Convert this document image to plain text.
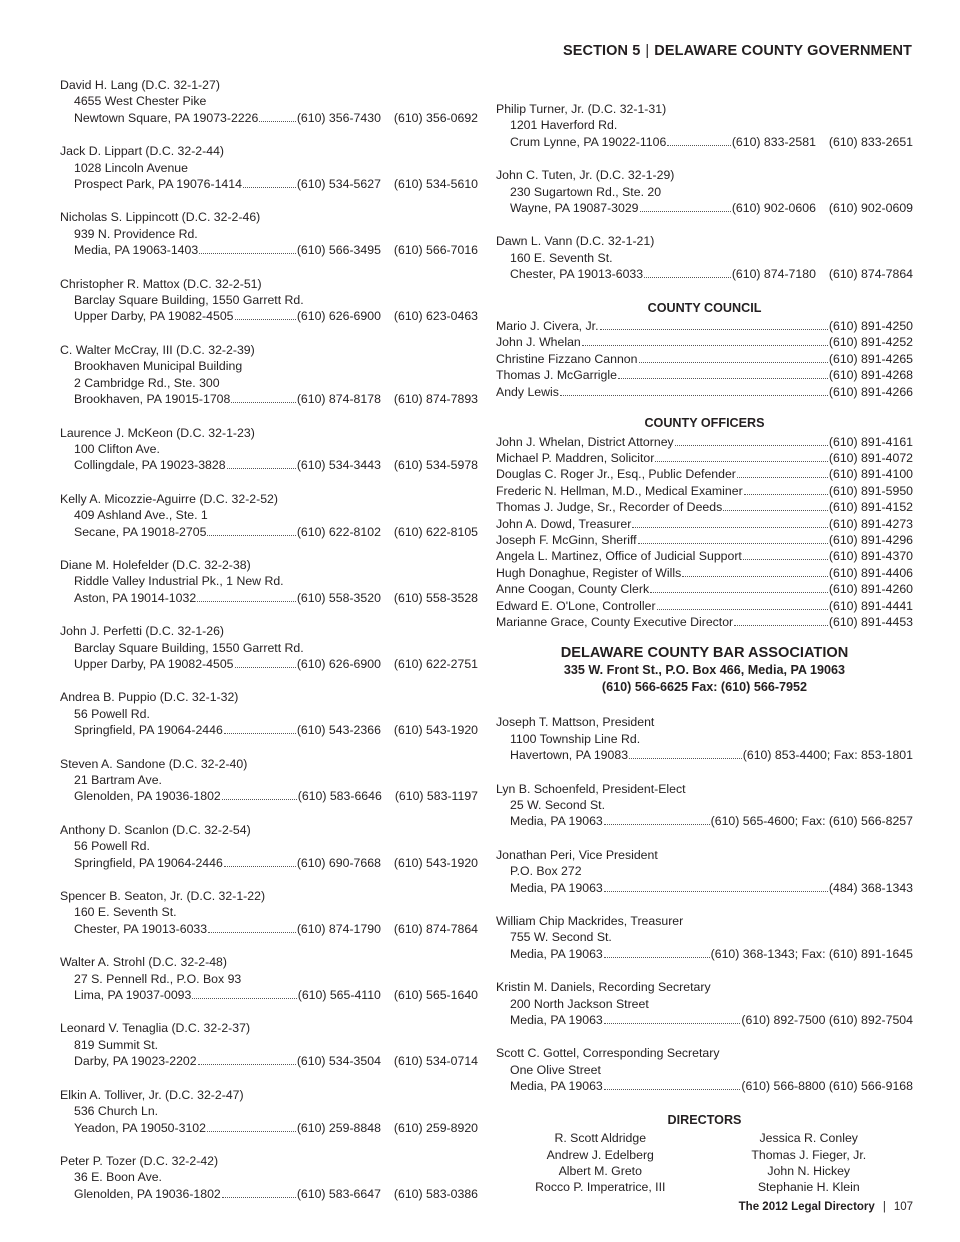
SECTION 5 | DELAWARE COUNTY GOVERNMENT
David H. Lang (D.C. 32-1-27)
4655 West Chester Pike
Newtown Square, PA 19073-2226	(610) 356-7430 (610) 356-0692
Jack D. Lippart (D.C. 32-2-44)
1028 Lincoln Avenue
Prospect Park, PA 19076-1414	(610) 534-5627 (610) 534-5610
Nicholas S. Lippincott (D.C. 32-2-46)
939 N. Providence Rd.
Media, PA 19063-1403	(610) 566-3495 (610) 566-7016
Christopher R. Mattox (D.C. 32-2-51)
Barclay Square Building, 1550 Garrett Rd.
Upper Darby, PA 19082-4505	(610) 626-6900 (610) 623-0463
C. Walter McCray, III (D.C. 32-2-39)
Brookhaven Municipal Building
2 Cambridge Rd., Ste. 300
Brookhaven, PA 19015-1708	(610) 874-8178 (610) 874-7893
Laurence J. McKeon (D.C. 32-1-23)
100 Clifton Ave.
Collingdale, PA 19023-3828	(610) 534-3443 (610) 534-5978
Kelly A. Micozzie-Aguirre (D.C. 32-2-52)
409 Ashland Ave., Ste. 1
Secane, PA 19018-2705	(610) 622-8102 (610) 622-8105
Diane M. Holefelder (D.C. 32-2-38)
Riddle Valley Industrial Pk., 1 New Rd.
Aston, PA 19014-1032	(610) 558-3520 (610) 558-3528
John J. Perfetti (D.C. 32-1-26)
Barclay Square Building, 1550 Garrett Rd.
Upper Darby, PA 19082-4505	(610) 626-6900 (610) 622-2751
Andrea B. Puppio (D.C. 32-1-32)
56 Powell Rd.
Springfield, PA 19064-2446	(610) 543-2366 (610) 543-1920
Steven A. Sandone (D.C. 32-2-40)
21 Bartram Ave.
Glenolden, PA 19036-1802	(610) 583-6646 (610) 583-1197
Anthony D. Scanlon (D.C. 32-2-54)
56 Powell Rd.
Springfield, PA 19064-2446	(610) 690-7668 (610) 543-1920
Spencer B. Seaton, Jr. (D.C. 32-1-22)
160 E. Seventh St.
Chester, PA 19013-6033	(610) 874-1790 (610) 874-7864
Walter A. Strohl (D.C. 32-2-48)
27 S. Pennell Rd., P.O. Box 93
Lima, PA 19037-0093	(610) 565-4110 (610) 565-1640
Leonard V. Tenaglia (D.C. 32-2-37)
819 Summit St.
Darby, PA 19023-2202	(610) 534-3504 (610) 534-0714
Elkin A. Tolliver, Jr. (D.C. 32-2-47)
536 Church Ln.
Yeadon, PA 19050-3102	(610) 259-8848 (610) 259-8920
Peter P. Tozer (D.C. 32-2-42)
36 E. Boon Ave.
Glenolden, PA 19036-1802	(610) 583-6647 (610) 583-0386
Philip Turner, Jr. (D.C. 32-1-31)
1201 Haverford Rd.
Crum Lynne, PA 19022-1106	(610) 833-2581 (610) 833-2651
John C. Tuten, Jr. (D.C. 32-1-29)
230 Sugartown Rd., Ste. 20
Wayne, PA 19087-3029	(610) 902-0606 (610) 902-0609
Dawn L. Vann (D.C. 32-1-21)
160 E. Seventh St.
Chester, PA 19013-6033	(610) 874-7180 (610) 874-7864
COUNTY COUNCIL
Mario J. Civera, Jr.	(610) 891-4250
John J. Whelan	(610) 891-4252
Christine Fizzano Cannon	(610) 891-4265
Thomas J. McGarrigle	(610) 891-4268
Andy Lewis	(610) 891-4266
COUNTY OFFICERS
John J. Whelan, District Attorney	(610) 891-4161
Michael P. Maddren, Solicitor	(610) 891-4072
Douglas C. Roger Jr., Esq., Public Defender	(610) 891-4100
Frederic N. Hellman, M.D., Medical Examiner	(610) 891-5950
Thomas J. Judge, Sr., Recorder of Deeds	(610) 891-4152
John A. Dowd, Treasurer	(610) 891-4273
Joseph F. McGinn, Sheriff	(610) 891-4296
Angela L. Martinez, Office of Judicial Support	(610) 891-4370
Hugh Donaghue, Register of Wills	(610) 891-4406
Anne Coogan, County Clerk	(610) 891-4260
Edward E. O'Lone, Controller	(610) 891-4441
Marianne Grace, County Executive Director	(610) 891-4453
DELAWARE COUNTY BAR ASSOCIATION
335 W. Front St., P.O. Box 466, Media, PA 19063
(610) 566-6625 Fax: (610) 566-7952
Joseph T. Mattson, President
1100 Township Line Rd.
Havertown, PA 19083	(610) 853-4400; Fax: 853-1801
Lyn B. Schoenfeld, President-Elect
25 W. Second St.
Media, PA 19063	(610) 565-4600; Fax: (610) 566-8257
Jonathan Peri, Vice President
P.O. Box 272
Media, PA 19063	(484) 368-1343
William Chip Mackrides, Treasurer
755 W. Second St.
Media, PA 19063	(610) 368-1343; Fax: (610) 891-1645
Kristin M. Daniels, Recording Secretary
200 North Jackson Street
Media, PA 19063	(610) 892-7500 (610) 892-7504
Scott C. Gottel, Corresponding Secretary
One Olive Street
Media, PA 19063	(610) 566-8800 (610) 566-9168
DIRECTORS
R. Scott Aldridge
Andrew J. Edelberg
Albert M. Greto
Rocco P. Imperatrice, III
Jessica R. Conley
Thomas J. Fieger, Jr.
John N. Hickey
Stephanie H. Klein
The 2012 Legal Directory | 107
